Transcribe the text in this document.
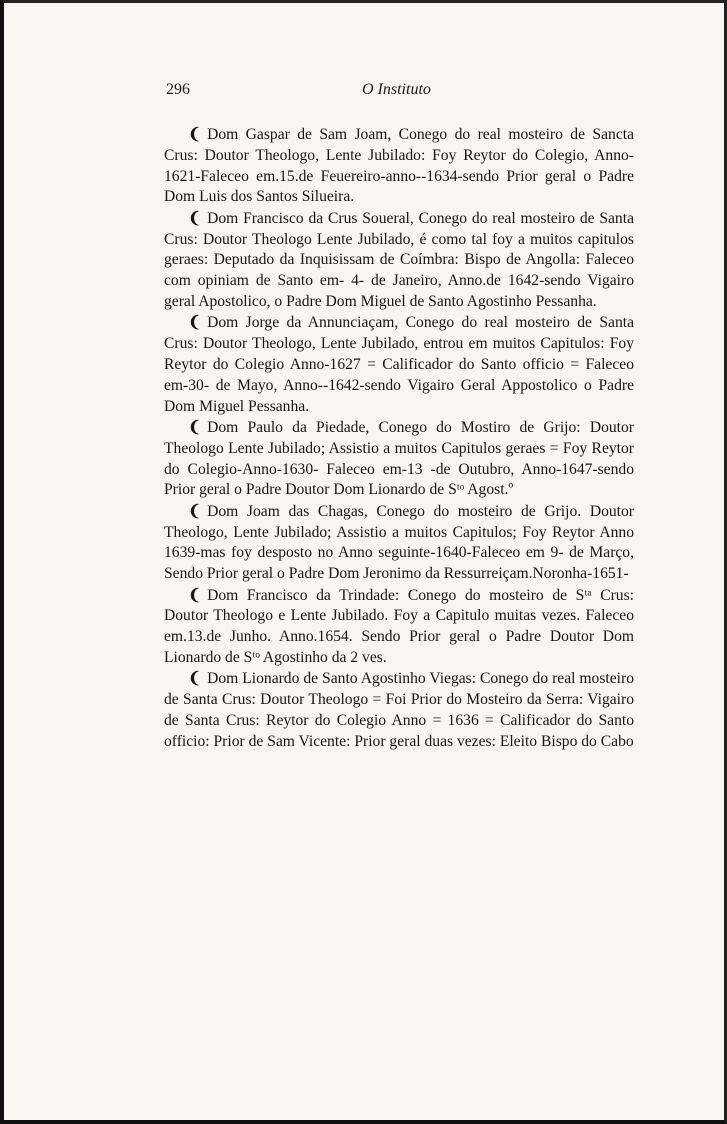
296	O Instituto

❨ Dom Gaspar de Sam Joam, Conego do real mosteiro de Sancta Crus: Doutor Theologo, Lente Jubilado: Foy Reytor do Colegio, Anno-1621-Faleceo em.15.de Feuereiro-anno--1634-sendo Prior geral o Padre Dom Luis dos Santos Silueira.

❨ Dom Francisco da Crus Soueral, Conego do real mosteiro de Santa Crus: Doutor Theologo Lente Jubilado, é como tal foy a muitos capitulos geraes: Deputado da Inquisissam de Coímbra: Bispo de Angolla: Faleceo com opiniam de Santo em- 4- de Janeiro, Anno.de 1642-sendo Vigairo geral Apostolico, o Padre Dom Miguel de Santo Agostinho Pessanha.

❨ Dom Jorge da Annunciaçam, Conego do real mosteiro de Santa Crus: Doutor Theologo, Lente Jubilado, entrou em muitos Capitulos: Foy Reytor do Colegio Anno-1627 = Calificador do Santo officio = Faleceo em-30- de Mayo, Anno--1642-sendo Vigairo Geral Appostolico o Padre Dom Miguel Pessanha.

❨ Dom Paulo da Piedade, Conego do Mostiro de Grijo: Doutor Theologo Lente Jubilado; Assistio a muitos Capitulos geraes = Foy Reytor do Colegio-Anno-1630- Faleceo em-13 -de Outubro, Anno-1647-sendo Prior geral o Padre Doutor Dom Lionardo de Sᵗᵒ Agost.º

❨ Dom Joam das Chagas, Conego do mosteiro de Grijo. Doutor Theologo, Lente Jubilado; Assistio a muitos Capitulos; Foy Reytor Anno 1639-mas foy desposto no Anno seguinte-1640-Faleceo em 9- de Março, Sendo Prior geral o Padre Dom Jeronimo da Ressurreiçam.Noronha-1651-

❨ Dom Francisco da Trindade: Conego do mosteiro de Sᵗᵃ Crus: Doutor Theologo e Lente Jubilado. Foy a Capitulo muitas vezes. Faleceo em.13.de Junho. Anno.1654. Sendo Prior geral o Padre Doutor Dom Lionardo de Sᵗᵒ Agostinho da 2 ves.

❨ Dom Lionardo de Santo Agostinho Viegas: Conego do real mosteiro de Santa Crus: Doutor Theologo = Foi Prior do Mosteiro da Serra: Vigairo de Santa Crus: Reytor do Colegio Anno = 1636 = Calificador do Santo officio: Prior de Sam Vicente: Prior geral duas vezes: Eleito Bispo do Cabo
